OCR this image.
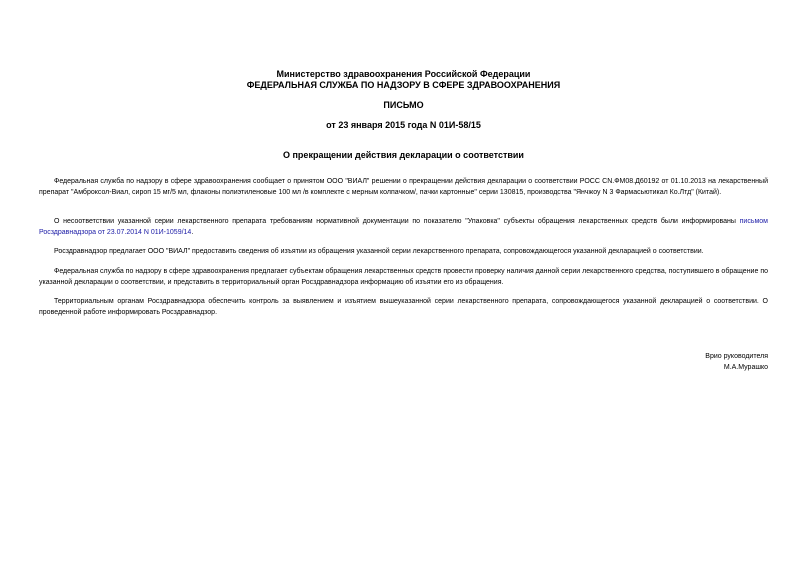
Министерство здравоохранения Российской Федерации
ФЕДЕРАЛЬНАЯ СЛУЖБА ПО НАДЗОРУ В СФЕРЕ ЗДРАВООХРАНЕНИЯ
ПИСЬМО
от 23 января 2015 года N 01И-58/15
О прекращении действия декларации о соответствии

Федеральная служба по надзору в сфере здравоохранения сообщает о принятом ООО "ВИАЛ" решении о прекращении действия декларации о соответствии РОСС CN.ФМ08.Д60192 от 01.10.2013 на лекарственный препарат "Амброксол-Виал, сироп 15 мг/5 мл, флаконы полиэтиленовые 100 мл /в комплекте с мерным колпачком/, пачки картонные" серии 130815, производства "Янчжоу N 3 Фармасьютикал Ко.Лтд" (Китай).

О несоответствии указанной серии лекарственного препарата требованиям нормативной документации по показателю "Упаковка" субъекты обращения лекарственных средств были информированы письмом Росздравнадзора от 23.07.2014 N 01И-1059/14.

Росздравнадзор предлагает ООО "ВИАЛ" предоставить сведения об изъятии из обращения указанной серии лекарственного препарата, сопровождающегося указанной декларацией о соответствии.

Федеральная служба по надзору в сфере здравоохранения предлагает субъектам обращения лекарственных средств провести проверку наличия данной серии лекарственного средства, поступившего в обращение по указанной декларации о соответствии, и представить в территориальный орган Росздравнадзора информацию об изъятии его из обращения.

Территориальным органам Росздравнадзора обеспечить контроль за выявлением и изъятием вышеуказанной серии лекарственного препарата, сопровождающегося указанной декларацией о соответствии. О проведенной работе информировать Росздравнадзор.

Врио руководителя
М.А.Мурашко
